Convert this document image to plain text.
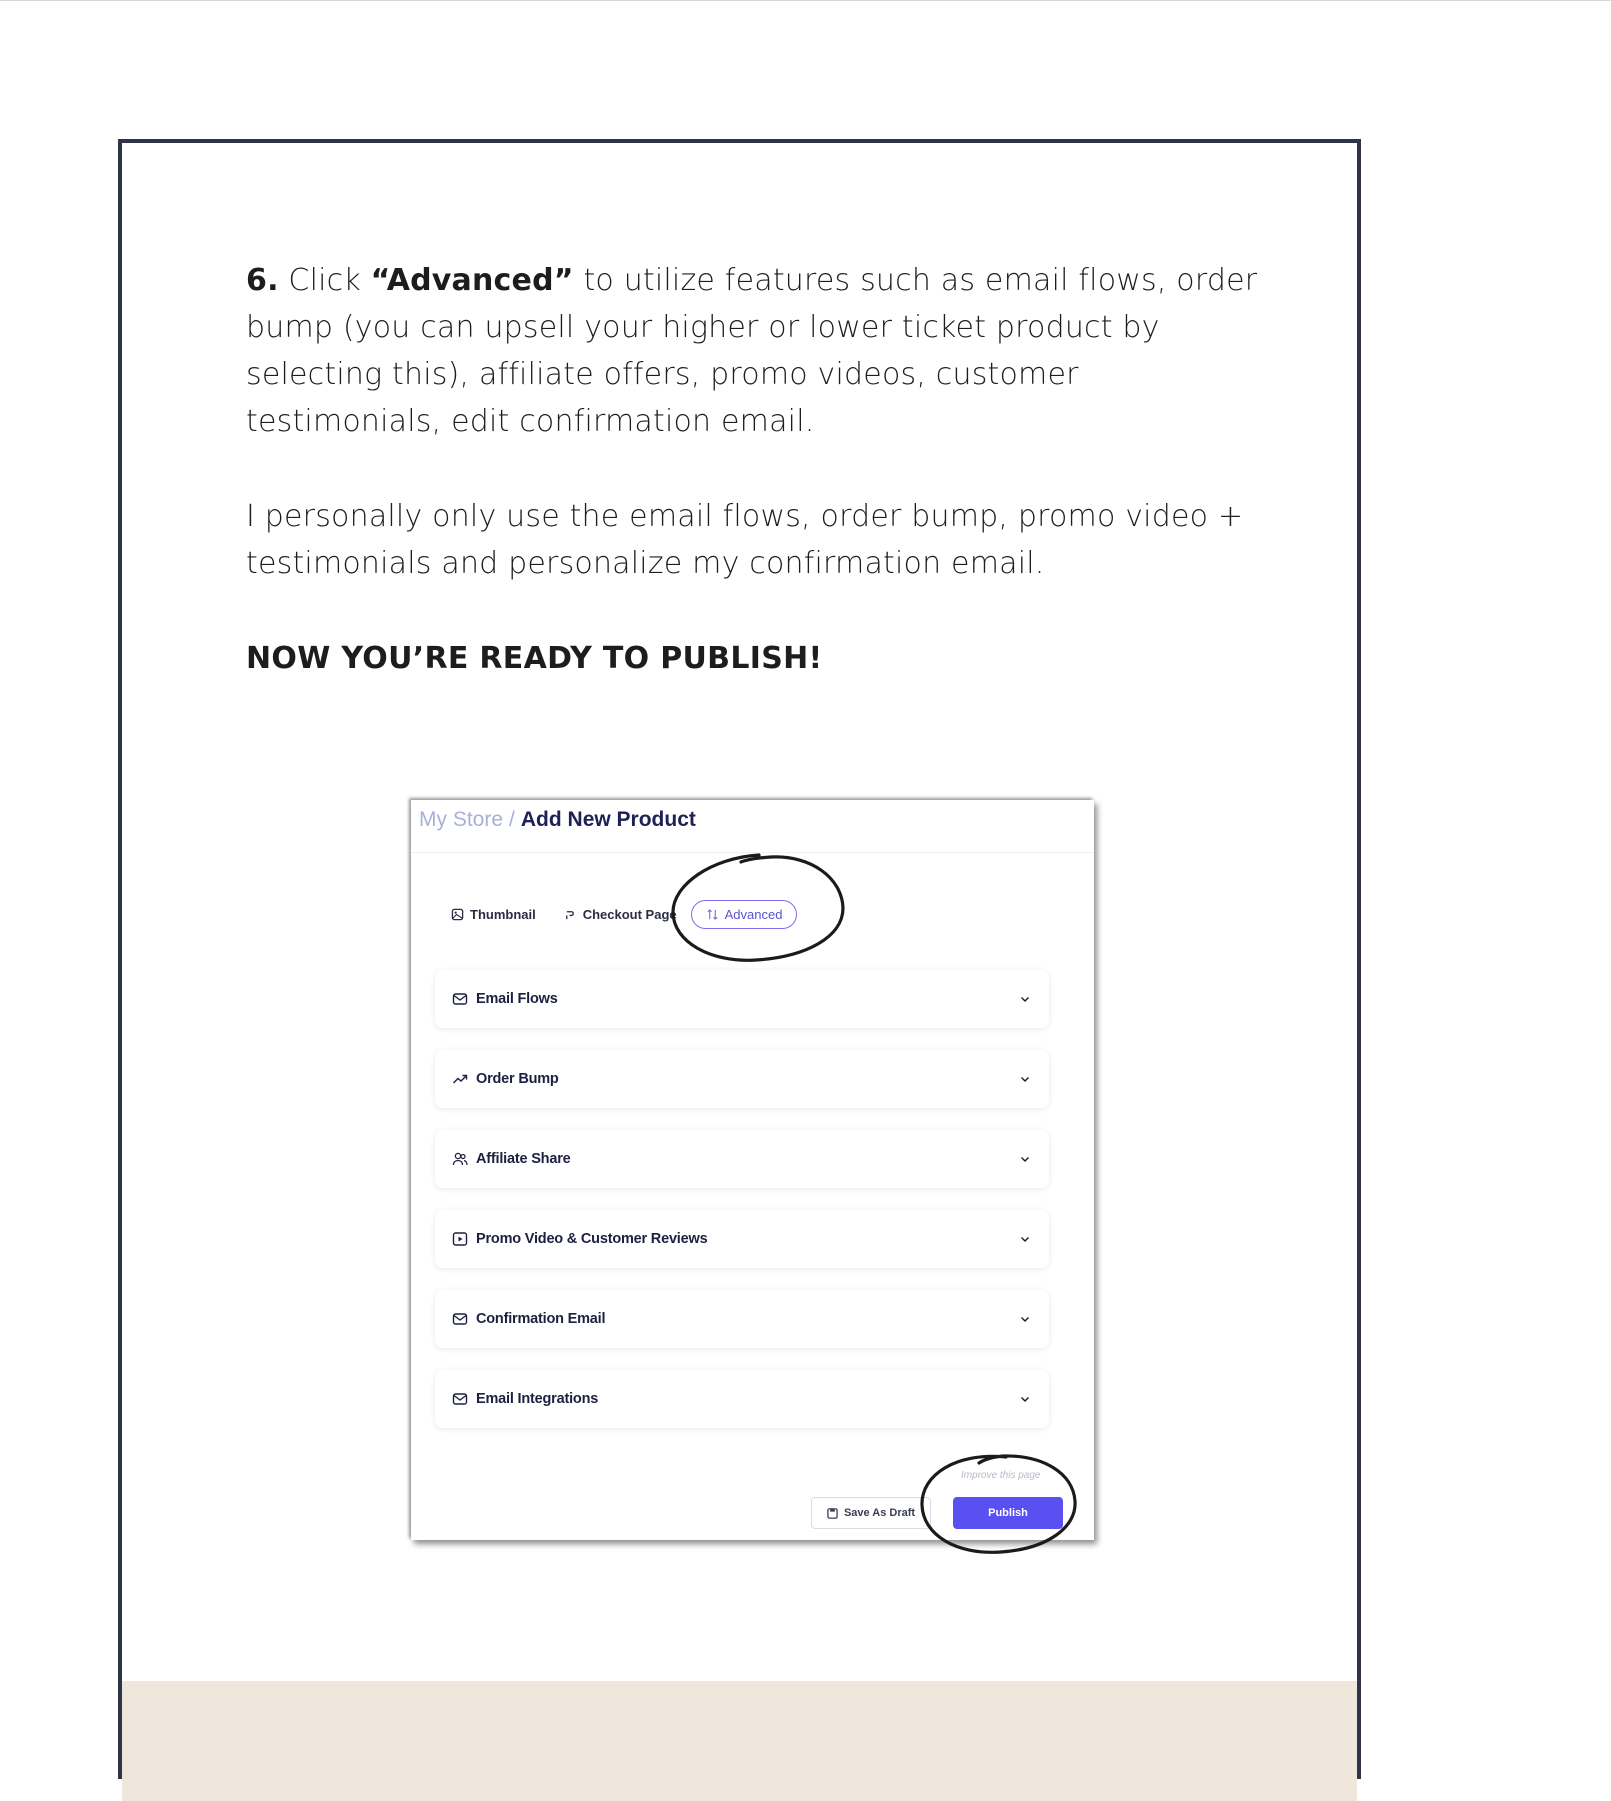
6. Click “Advanced” to utilize features such as email flows, order bump (you can upsell your higher or lower ticket product by selecting this), affiliate offers, promo videos, customer testimonials, edit confirmation email.

I personally only use the email flows, order bump, promo video + testimonials and personalize my confirmation email.

NOW YOU’RE READY TO PUBLISH!

My Store / Add New Product
Thumbnail	Checkout Page	Advanced
Email Flows
Order Bump
Affiliate Share
Promo Video & Customer Reviews
Confirmation Email
Email Integrations
Improve this page
Save As Draft	Publish
